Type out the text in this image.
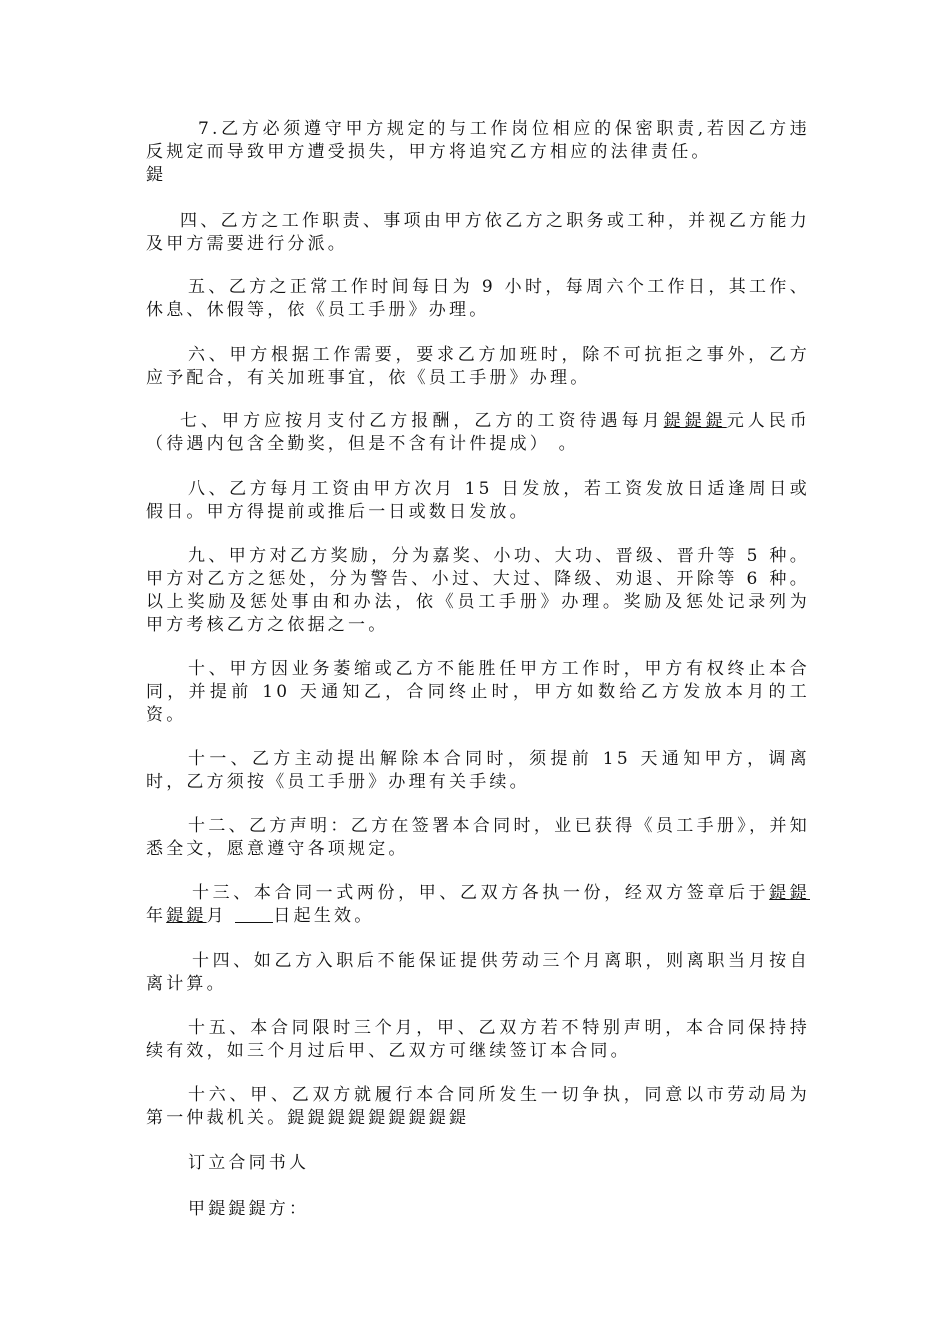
7.乙方必须遵守甲方规定的与工作岗位相应的保密职责,若因乙方违反规定而导致甲方遭受损失，甲方将追究乙方相应的法律责任。
鍉

四、乙方之工作职责、事项由甲方依乙方之职务或工种，并视乙方能力及甲方需要进行分派。

五、乙方之正常工作时间每日为 9 小时，每周六个工作日，其工作、休息、休假等，依《员工手册》办理。

六、甲方根据工作需要，要求乙方加班时，除不可抗拒之事外，乙方应予配合，有关加班事宜，依《员工手册》办理。

七、甲方应按月支付乙方报酬，乙方的工资待遇每月鍉鍉鍉元人民币（待遇内包含全勤奖，但是不含有计件提成） 。

八、乙方每月工资由甲方次月 15 日发放，若工资发放日适逢周日或假日。甲方得提前或推后一日或数日发放。

九、甲方对乙方奖励，分为嘉奖、小功、大功、晋级、晋升等 5 种。甲方对乙方之惩处，分为警告、小过、大过、降级、劝退、开除等 6 种。以上奖励及惩处事由和办法，依《员工手册》办理。奖励及惩处记录列为甲方考核乙方之依据之一。

十、甲方因业务萎缩或乙方不能胜任甲方工作时，甲方有权终止本合同，并提前 10 天通知乙，合同终止时，甲方如数给乙方发放本月的工资。

十一、乙方主动提出解除本合同时，须提前 15 天通知甲方，调离时，乙方须按《员工手册》办理有关手续。

十二、乙方声明：乙方在签署本合同时，业已获得《员工手册》，并知悉全文，愿意遵守各项规定。

十三、本合同一式两份，甲、乙双方各执一份，经双方签章后于鍉鍉年鍉鍉月 日起生效。

十四、如乙方入职后不能保证提供劳动三个月离职，则离职当月按自离计算。

十五、本合同限时三个月，甲、乙双方若不特别声明，本合同保持持续有效，如三个月过后甲、乙双方可继续签订本合同。

十六、甲、乙双方就履行本合同所发生一切争执，同意以市劳动局为第一仲裁机关。鍉鍉鍉鍉鍉鍉鍉鍉鍉

订立合同书人

甲鍉鍉鍉方：
